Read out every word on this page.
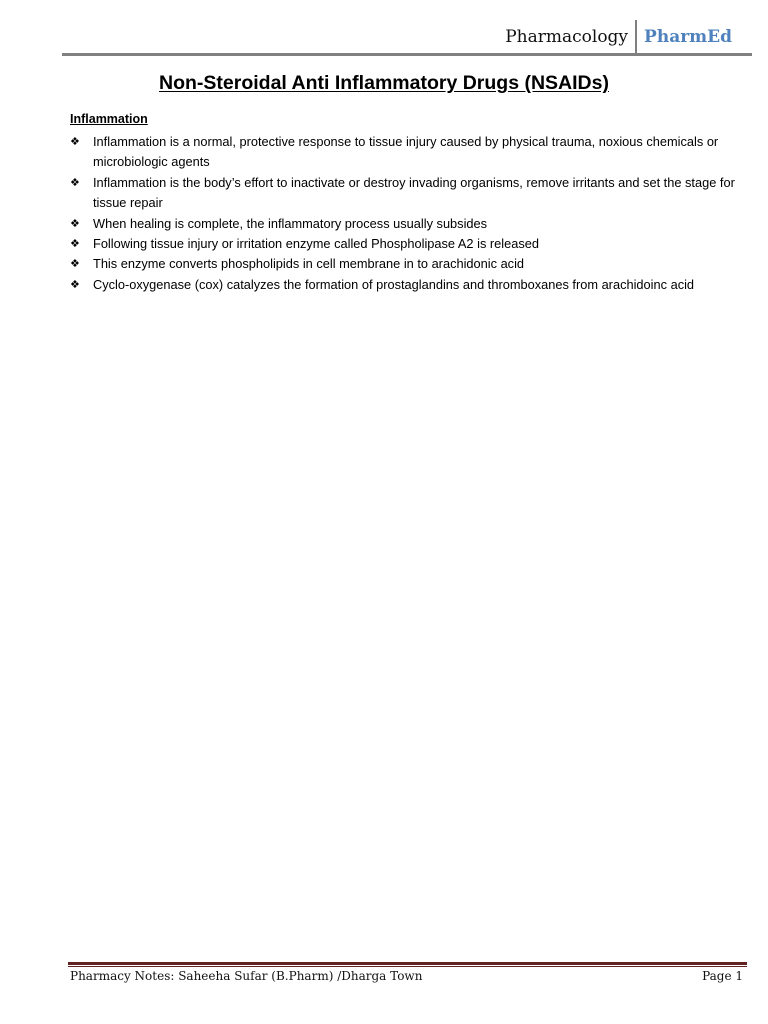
Pharmacology PharmEd
Non-Steroidal Anti Inflammatory Drugs (NSAIDs)
Inflammation
❖	Inflammation is a normal, protective response to tissue injury caused by physical trauma, noxious chemicals or microbiologic agents
❖	Inflammation is the body’s effort to inactivate or destroy invading organisms, remove irritants and set the stage for tissue repair
❖	When healing is complete, the inflammatory process usually subsides
❖	Following tissue injury or irritation enzyme called Phospholipase A2 is released
❖	This enzyme converts phospholipids in cell membrane in to arachidonic acid
❖	Cyclo-oxygenase (cox) catalyzes the formation of prostaglandins and thromboxanes from arachidoinc acid
Pharmacy Notes: Saheeha Sufar (B.Pharm) /Dharga Town	Page 1
